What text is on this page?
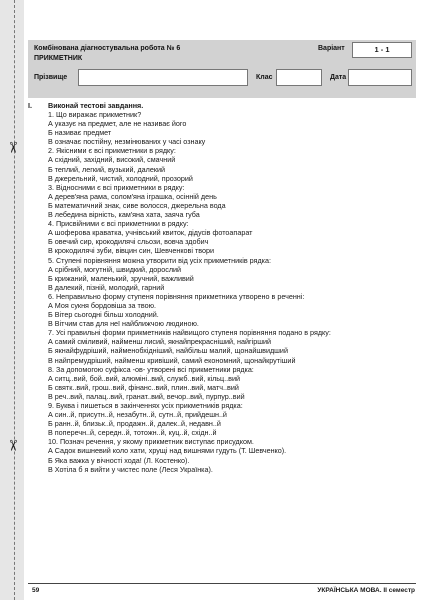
✂
✂
Комбінована діагностувальна робота № 6
ПРИКМЕТНИК
Варіант	1 - 1
Прізвище	Клас	Дата
I. Виконай тестові завдання.
1. Що виражає прикметник?
А указує на предмет, але не називає його
Б називає предмет
В означає постійну, незмінюваних у часі ознаку
2. Якісними є всі прикметники в рядку:
А східний, західний, високий, смачний
Б теплий, легкий, вузький, далекий
В джерельний, чистий, холодний, прозорий
3. Відносними є всі прикметники в рядку:
А дерев'яна рама, солом'яна іграшка, осінній день
Б математичний знак, сиве волосся, джерельна вода
В лебедина вірність, кам'яна хата, заяча губа
4. Присвійними є всі прикметники в рядку:
А шоферова краватка, учнівський квиток, дідусів фотоапарат
Б овечий сир, крокодилячі сльози, вовча здобич
В крокодилячі зуби, вівцин син, Шевченкові твори
5. Ступені порівняння можна утворити від усіх прикметників рядка:
А срібний, могутній, швидкий, дорослий
Б крижаний, маленький, зручний, важливий
В далекий, пізній, молодий, гарний
6. Неправильно форму ступеня порівняння прикметника утворено в реченні:
А Моя сукня бордовіша за твою.
Б Вітер сьогодні більш холодний.
В Вітчим став для неї найближчою людиною.
7. Усі правильні форми прикметників найвищого ступеня порівняння подано в рядку:
А самий сміливий, найменш лисий, якнайпрекрасніший, найгірший
Б якнайфудріший, найменобхідніший, найбільш малий, щонайшвидший
В найпремудріший, найменш кривіший, самий економний, щонайкрутіший
8. За допомогою суфікса -ов- утворені всі прикметники рядка:
А ситц..вий, бой..вий, алюміні..вий, служб..вий, кільц..вий
Б святк..вий, грош..вий, фінанс..вий, плин..вий, матч..вий
В реч..вий, палац..вий, гранат..вий, вечор..вий, пурпур..вий
9. Буква і пишеться в закінченнях усіх прикметників рядка:
А син..й, присутн..й, незабутн..й, сутн..й, прийдешн..й
Б ранн..й, близьк..й, продажн..й, далек..й, недавн..й
В поперечн..й, середн..й, тотожн..й, куц..й, східн..й
10. Познач речення, у якому прикметник виступає присудком.
А Садок вишневий коло хати, хрущі над вишнями гудуть (Т. Шевченко).
Б Яка важка у вічності хода! (Л. Костенко).
В Хотіла б я вийти у чистес поле (Леся Українка).
59	УКРАЇНСЬКА МОВА. ІІ семестр
